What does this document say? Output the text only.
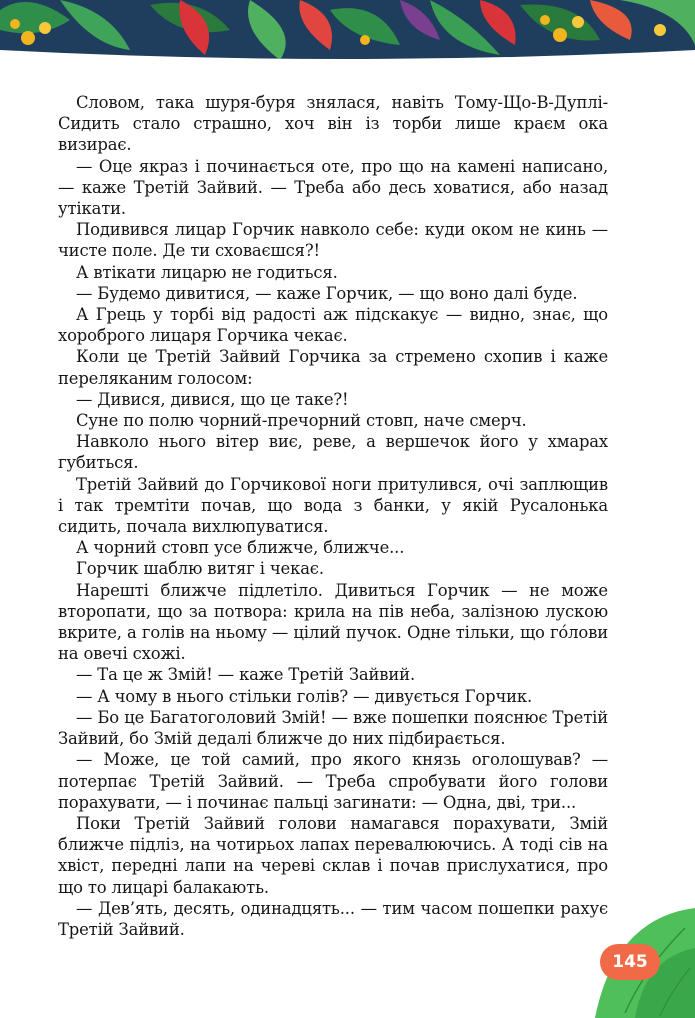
Словом, така шуря-буря знялася, навіть Тому-Що-В-Дуплі-Сидить стало страшно, хоч він із торби лише краєм ока визирає.

— Оце якраз і починається оте, про що на камені написано, — каже Третій Зайвий. — Треба або десь ховатися, або назад утікати.

Подивився лицар Горчик навколо себе: куди оком не кинь — чисте поле. Де ти сховаєшся?!

А втікати лицарю не годиться.

— Будемо дивитися, — каже Горчик, — що воно далі буде.

А Грець у торбі від радості аж підскакує — видно, знає, що хороброго лицаря Горчика чекає.

Коли це Третій Зайвий Горчика за стремено схопив і каже переляканим голосом:

— Дивися, дивися, що це таке?!

Суне по полю чорний-пречорний стовп, наче смерч.

Навколо нього вітер виє, реве, а вершечок його у хмарах губиться.

Третій Зайвий до Горчикової ноги притулився, очі заплющив і так тремтіти почав, що вода з банки, у якій Русалонька сидить, почала вихлюпуватися.

А чорний стовп усе ближче, ближче...

Горчик шаблю витяг і чекає.

Нарешті ближче підлетіло. Дивиться Горчик — не може второпати, що за потвора: крила на пів неба, залізною лускою вкрите, а голів на ньому — цілий пучок. Одне тільки, що го́лови на овечі схожі.

— Та це ж Змій! — каже Третій Зайвий.

— А чому в нього стільки голів? — дивується Горчик.

— Бо це Багатоголовий Змій! — вже пошепки пояснює Третій Зайвий, бо Змій дедалі ближче до них підбирається.

— Може, це той самий, про якого князь оголошував? — потерпає Третій Зайвий. — Треба спробувати його голови порахувати, — і починає пальці загинати: — Одна, дві, три...

Поки Третій Зайвий голови намагався порахувати, Змій ближче підліз, на чотирьох лапах перевалюючись. А тоді сів на хвіст, передні лапи на череві склав і почав прислухатися, про що то лицарі балакають.

— Дев’ять, десять, одинадцять... — тим часом пошепки рахує Третій Зайвий.

145
